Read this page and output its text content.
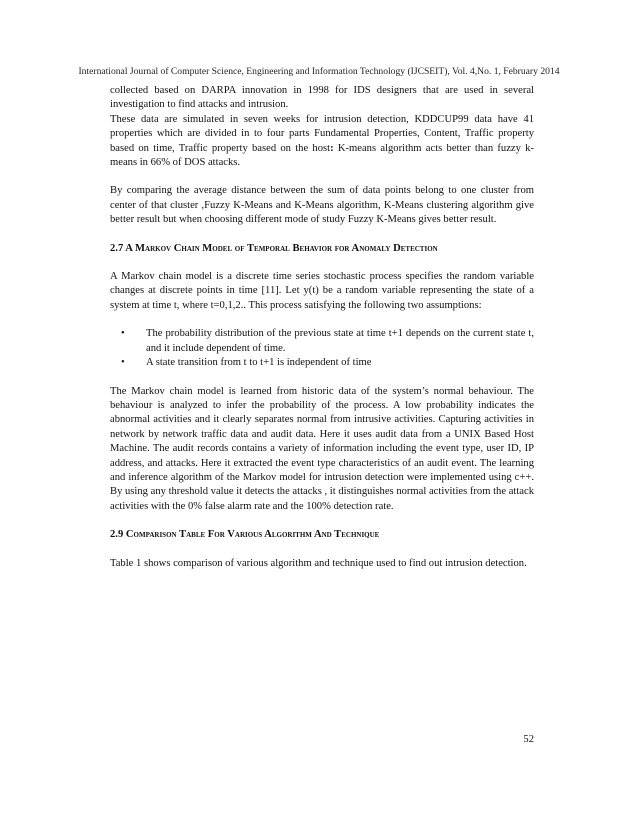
International Journal of Computer Science, Engineering and Information Technology (IJCSEIT), Vol. 4,No. 1, February 2014

collected based on DARPA innovation in 1998 for IDS designers that are used in several investigation to find attacks and intrusion.

These data are simulated in seven weeks for intrusion detection, KDDCUP99 data have 41 properties which are divided in to four parts Fundamental Properties, Content, Traffic property based on time, Traffic property based on the host: K-means algorithm acts better than fuzzy k-means in 66% of DOS attacks.

By comparing the average distance between the sum of data points belong to one cluster from center of that cluster ,Fuzzy K-Means and K-Means algorithm, K-Means clustering algorithm give better result but when choosing different mode of study Fuzzy K-Means gives better result.

2.7 A Markov Chain Model of Temporal Behavior for Anomaly Detection

A Markov chain model is a discrete time series stochastic process specifies the random variable changes at discrete points in time [11]. Let y(t) be a random variable representing the state of a system at time t, where t=0,1,2.. This process satisfying the following two assumptions:

• The probability distribution of the previous state at time t+1 depends on the current state t, and it include dependent of time.
• A state transition from t to t+1 is independent of time

The Markov chain model is learned from historic data of the system’s normal behaviour. The behaviour is analyzed to infer the probability of the process. A low probability indicates the abnormal activities and it clearly separates normal from intrusive activities. Capturing activities in network by network traffic data and audit data. Here it uses audit data from a UNIX Based Host Machine. The audit records contains a variety of information including the event type, user ID, IP address, and attacks. Here it extracted the event type characteristics of an audit event. The learning and inference algorithm of the Markov model for intrusion detection were implemented using c++. By using any threshold value it detects the attacks , it distinguishes normal activities from the attack activities with the 0% false alarm rate and the 100% detection rate.

2.9 Comparison Table For Various Algorithm And Technique

Table 1 shows comparison of various algorithm and technique used to find out intrusion detection.

52
